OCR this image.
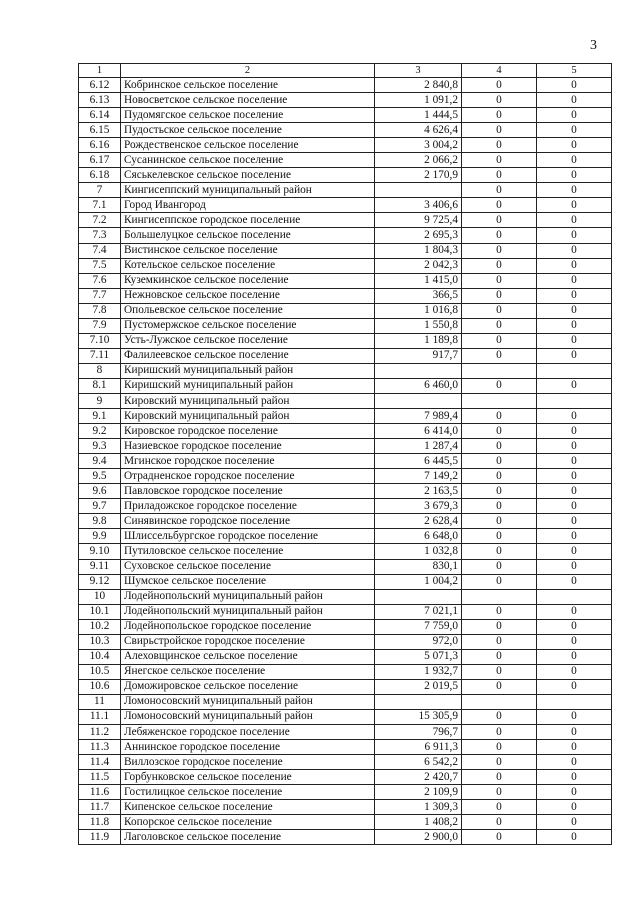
3
1	2	3	4	5
6.12	Кобринское сельское поселение	2 840,8	0	0
6.13	Новосветское сельское поселение	1 091,2	0	0
6.14	Пудомягское сельское поселение	1 444,5	0	0
6.15	Пудостьское сельское поселение	4 626,4	0	0
6.16	Рождественское сельское поселение	3 004,2	0	0
6.17	Сусанинское сельское поселение	2 066,2	0	0
6.18	Сяськелевское сельское поселение	2 170,9	0	0
7	Кингисеппский муниципальный район		0	0
7.1	Город Ивангород	3 406,6	0	0
7.2	Кингисеппское городское поселение	9 725,4	0	0
7.3	Большелуцкое сельское поселение	2 695,3	0	0
7.4	Вистинское сельское поселение	1 804,3	0	0
7.5	Котельское сельское поселение	2 042,3	0	0
7.6	Куземкинское сельское поселение	1 415,0	0	0
7.7	Нежновское сельское поселение	366,5	0	0
7.8	Опольевское сельское поселение	1 016,8	0	0
7.9	Пустомержское сельское поселение	1 550,8	0	0
7.10	Усть-Лужское сельское поселение	1 189,8	0	0
7.11	Фалилеевское сельское поселение	917,7	0	0
8	Киришский муниципальный район			
8.1	Киришский муниципальный район	6 460,0	0	0
9	Кировский муниципальный район			
9.1	Кировский муниципальный район	7 989,4	0	0
9.2	Кировское городское поселение	6 414,0	0	0
9.3	Назиевское городское поселение	1 287,4	0	0
9.4	Мгинское городское поселение	6 445,5	0	0
9.5	Отрадненское городское поселение	7 149,2	0	0
9.6	Павловское городское поселение	2 163,5	0	0
9.7	Приладожское городское поселение	3 679,3	0	0
9.8	Синявинское городское поселение	2 628,4	0	0
9.9	Шлиссельбургское городское поселение	6 648,0	0	0
9.10	Путиловское сельское поселение	1 032,8	0	0
9.11	Суховское сельское поселение	830,1	0	0
9.12	Шумское сельское поселение	1 004,2	0	0
10	Лодейнопольский муниципальный район			
10.1	Лодейнопольский муниципальный район	7 021,1	0	0
10.2	Лодейнопольское городское поселение	7 759,0	0	0
10.3	Свирьстройское городское поселение	972,0	0	0
10.4	Алеховщинское сельское поселение	5 071,3	0	0
10.5	Янегское сельское поселение	1 932,7	0	0
10.6	Доможировское сельское поселение	2 019,5	0	0
11	Ломоносовский муниципальный район			
11.1	Ломоносовский муниципальный район	15 305,9	0	0
11.2	Лебяженское городское поселение	796,7	0	0
11.3	Аннинское городское поселение	6 911,3	0	0
11.4	Виллозское городское поселение	6 542,2	0	0
11.5	Горбунковское сельское поселение	2 420,7	0	0
11.6	Гостилицкое сельское поселение	2 109,9	0	0
11.7	Кипенское сельское поселение	1 309,3	0	0
11.8	Копорское сельское поселение	1 408,2	0	0
11.9	Лаголовское сельское поселение	2 900,0	0	0
